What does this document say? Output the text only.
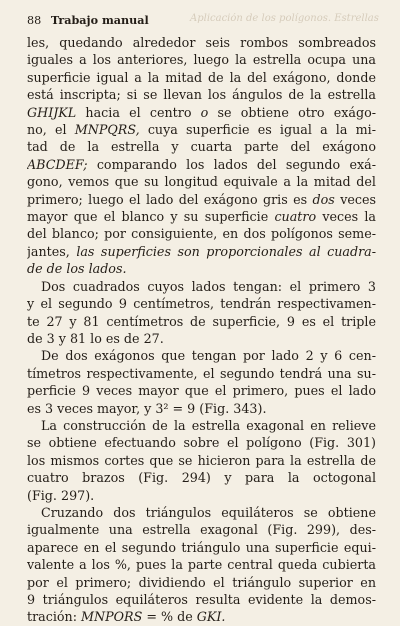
Aplicación de los polígonos. Estrellas
88 Trabajo manual
les, quedando alrededor seis rombos sombreados
iguales a los anteriores, luego la estrella ocupa una
superficie igual a la mitad de la del exágono, donde
está inscripta; si se llevan los ángulos de la estrella
GHIJKL hacia el centro o se obtiene otro exágo-
no, el MNPQRS, cuya superficie es igual a la mi-
tad de la estrella y cuarta parte del exágono
ABCDEF; comparando los lados del segundo exá-
gono, vemos que su longitud equivale a la mitad del
primero; luego el lado del exágono gris es dos veces
mayor que el blanco y su superficie cuatro veces la
del blanco; por consiguiente, en dos polígonos seme-
jantes, las superficies son proporcionales al cuadra-
de de los lados.
Dos cuadrados cuyos lados tengan: el primero 3
y el segundo 9 centímetros, tendrán respectivamen-
te 27 y 81 centímetros de superficie, 9 es el triple
de 3 y 81 lo es de 27.
De dos exágonos que tengan por lado 2 y 6 cen-
tímetros respectivamente, el segundo tendrá una su-
perficie 9 veces mayor que el primero, pues el lado
es 3 veces mayor, y 3² = 9 (Fig. 343).
La construcción de la estrella exagonal en relieve
se obtiene efectuando sobre el polígono (Fig. 301)
los mismos cortes que se hicieron para la estrella de
cuatro brazos (Fig. 294) y para la octogonal
(Fig. 297).
Cruzando dos triángulos equiláteros se obtiene
igualmente una estrella exagonal (Fig. 299), des-
aparece en el segundo triángulo una superficie equi-
valente a los %, pues la parte central queda cubierta
por el primero; dividiendo el triángulo superior en
9 triángulos equiláteros resulta evidente la demos-
tración: MNPORS = % de GKI.
